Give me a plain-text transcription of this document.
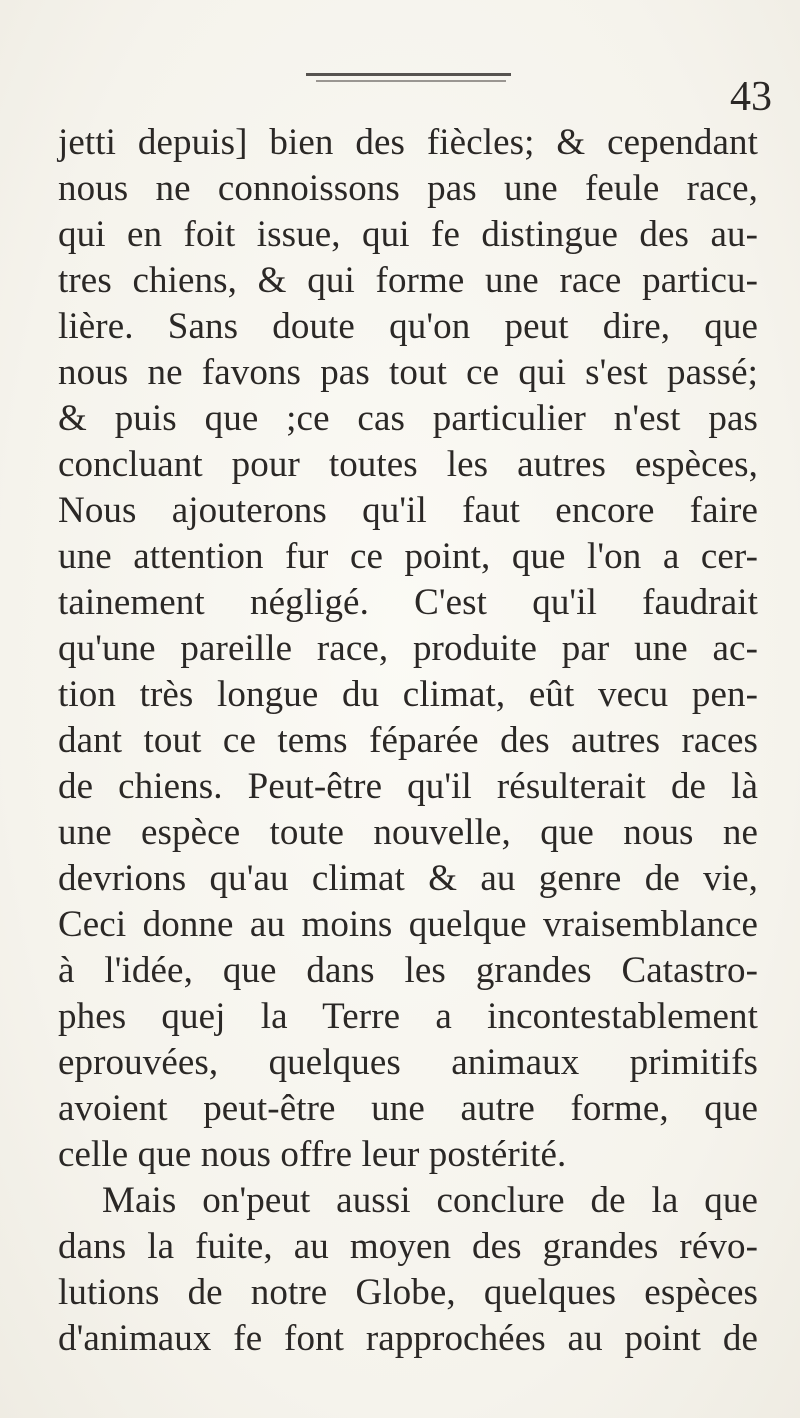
43
jetti depuis] bien des fiècles; & cependant
nous ne connoissons pas une feule race,
qui en foit issue, qui fe distingue des au-
tres chiens, & qui forme une race particu-
lière. Sans doute qu'on peut dire, que
nous ne favons pas tout ce qui s'est passé;
& puis que ;ce cas particulier n'est pas
concluant pour toutes les autres espèces,
Nous ajouterons qu'il faut encore faire
une attention fur ce point, que l'on a cer-
tainement négligé. C'est qu'il faudrait
qu'une pareille race, produite par une ac-
tion très longue du climat, eût vecu pen-
dant tout ce tems féparée des autres races
de chiens. Peut-être qu'il résulterait de là
une espèce toute nouvelle, que nous ne
devrions qu'au climat & au genre de vie,
Ceci donne au moins quelque vraisemblance
à l'idée, que dans les grandes Catastro-
phes quej la Terre a incontestablement
eprouvées, quelques animaux primitifs
avoient peut-être une autre forme, que
celle que nous offre leur postérité.
Mais on'peut aussi conclure de la que
dans la fuite, au moyen des grandes révo-
lutions de notre Globe, quelques espèces
d'animaux fe font rapprochées au point de
